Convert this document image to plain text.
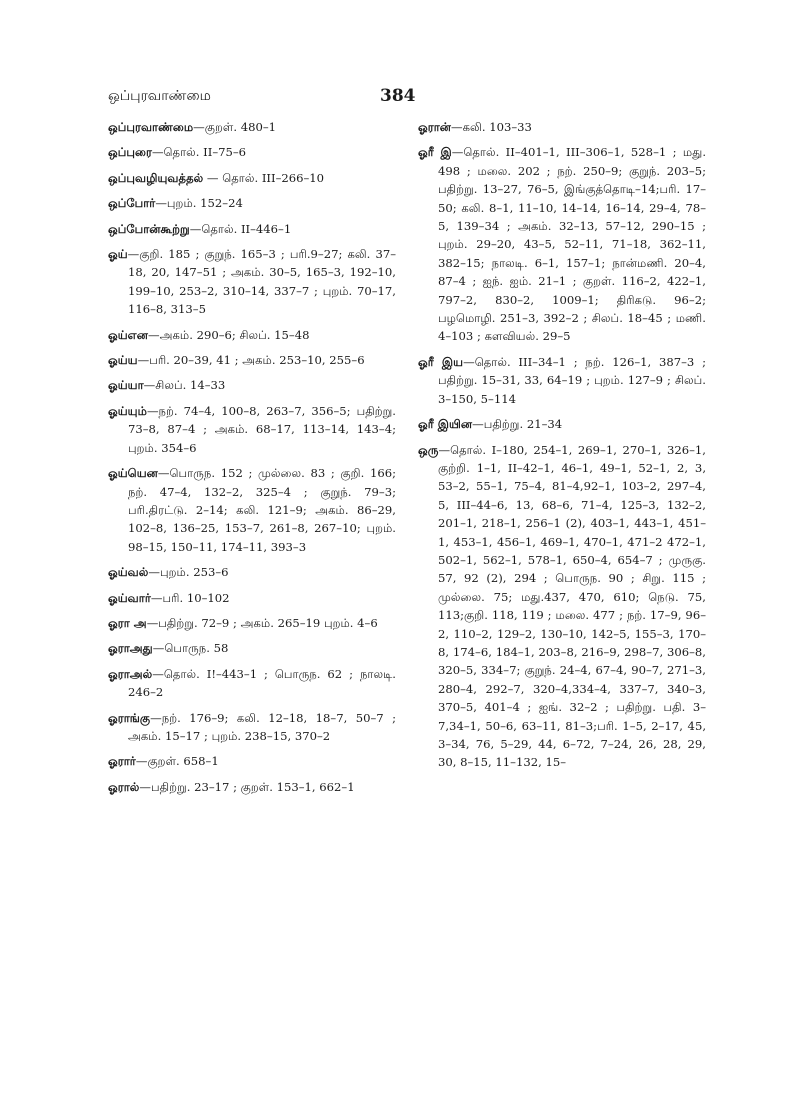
ஒப்புரவாண்மை	384

ஒப்புரவாண்மை—குறள். 480–1

ஒப்புரை—தொல். II–75–6

ஒப்புவழியுவத்தல் — தொல். III–266–10

ஒப்போர்—புறம். 152–24

ஒப்போன்கூற்று—தொல். II–446–1

ஓய்—குறி. 185 ; குறுந். 165–3 ; பரி.9–27; கலி. 37–18, 20, 147–51 ; அகம். 30–5, 165–3, 192–10, 199–10, 253–2, 310–14, 337–7 ; புறம். 70–17, 116–8, 313–5

ஓய்என—அகம். 290–6; சிலப். 15–48

ஓய்ய—பரி. 20–39, 41 ; அகம். 253–10, 255–6

ஓய்யா—சிலப். 14–33

ஓய்யும்—நற். 74–4, 100–8, 263–7, 356–5; பதிற்று. 73–8, 87–4 ; அகம். 68–17, 113–14, 143–4; புறம். 354–6

ஓய்யென—பொருந. 152 ; முல்லை. 83 ; குறி. 166; நற். 47–4, 132–2, 325–4 ; குறுந். 79–3; பரி.திரட்டு. 2–14; கலி. 121–9; அகம். 86–29, 102–8, 136–25, 153–7, 261–8, 267–10; புறம். 98–15, 150–11, 174–11, 393–3

ஓய்வல்—புறம். 253–6

ஓய்வார்—பரி. 10–102

ஓரா அ—பதிற்று. 72–9 ; அகம். 265–19 புறம். 4–6

ஓராஅது—பொருந. 58

ஓராஅல்—தொல். I!–443–1 ; பொருந. 62 ; நாலடி. 246–2

ஓராங்கு—நற். 176–9; கலி. 12–18, 18–7, 50–7 ; அகம். 15–17 ; புறம். 238–15, 370–2

ஓரார்—குறள். 658–1

ஓரால்—பதிற்று. 23–17 ; குறள். 153–1, 662–1

ஓரான்—கலி. 103–33

ஓரீ இ—தொல். II–401–1, III–306–1, 528–1 ; மது. 498 ; மலை. 202 ; நற். 250–9; குறுந். 203–5; பதிற்று. 13–27, 76–5, இங்குத்தொடி–14;பரி. 17–50; கலி. 8–1, 11–10, 14–14, 16–14, 29–4, 78–5, 139–34 ; அகம். 32–13, 57–12, 290–15 ; புறம். 29–20, 43–5, 52–11, 71–18, 362–11, 382–15; நாலடி. 6–1, 157–1; நான்மணி. 20–4, 87–4 ; ஐந். ஐம். 21–1 ; குறள். 116–2, 422–1, 797–2, 830–2, 1009–1; திரிகடு. 96–2; பழமொழி. 251–3, 392–2 ; சிலப். 18–45 ; மணி. 4–103 ; களவியல். 29–5

ஓரீ இய—தொல். III–34–1 ; நற். 126–1, 387–3 ; பதிற்று. 15–31, 33, 64–19 ; புறம். 127–9 ; சிலப். 3–150, 5–114

ஓரீ இயின—பதிற்று. 21–34

ஒரு—தொல். I–180, 254–1, 269–1, 270–1, 326–1, குற்றி. 1–1, II–42–1, 46–1, 49–1, 52–1, 2, 3, 53–2, 55–1, 75–4, 81–4,92–1, 103–2, 297–4, 5, III–44–6, 13, 68–6, 71–4, 125–3, 132–2, 201–1, 218–1, 256–1 (2), 403–1, 443–1, 451–1, 453–1, 456–1, 469–1, 470–1, 471–2 472–1, 502–1, 562–1, 578–1, 650–4, 654–7 ; முருகு. 57, 92 (2), 294 ; பொருந. 90 ; சிறு. 115 ; முல்லை. 75; மது.437, 470, 610; நெடு. 75, 113;குறி. 118, 119 ; மலை. 477 ; நற். 17–9, 96–2, 110–2, 129–2, 130–10, 142–5, 155–3, 170–8, 174–6, 184–1, 203–8, 216–9, 298–7, 306–8, 320–5, 334–7; குறுந். 24–4, 67–4, 90–7, 271–3, 280–4, 292–7, 320–4,334–4, 337–7, 340–3, 370–5, 401–4 ; ஐங். 32–2 ; பதிற்று. பதி. 3–7,34–1, 50–6, 63–11, 81–3;பரி. 1–5, 2–17, 45, 3–34, 76, 5–29, 44, 6–72, 7–24, 26, 28, 29, 30, 8–15, 11–132, 15–
